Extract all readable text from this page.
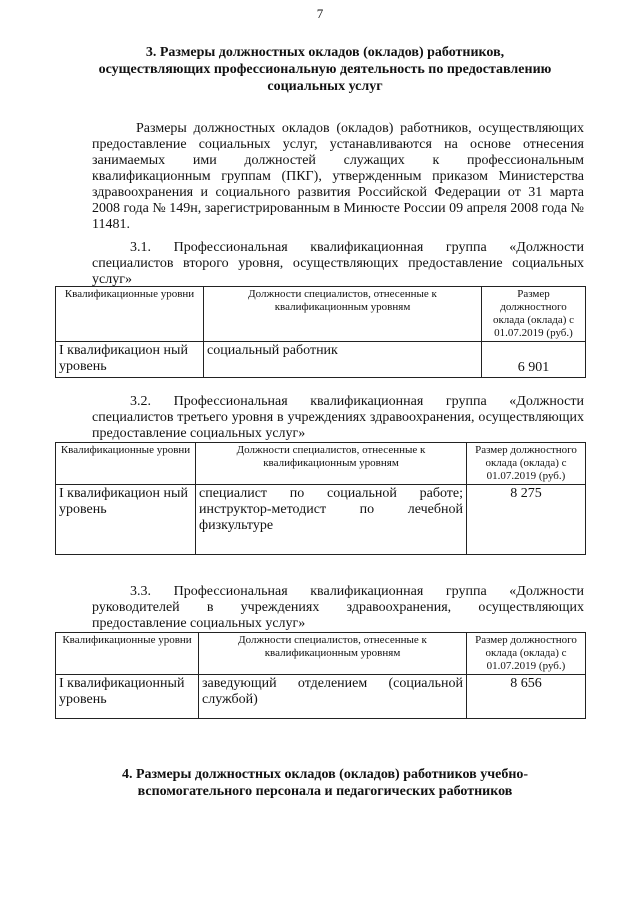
7
3. Размеры должностных окладов (окладов) работников,
осуществляющих профессиональную деятельность по предоставлению
социальных услуг
Размеры должностных окладов (окладов) работников, осуществляющих предоставление социальных услуг, устанавливаются на основе отнесения занимаемых ими должностей служащих к профессиональным квалификационным группам (ПКГ), утвержденным приказом Министерства здравоохранения и социального развития Российской Федерации от 31 марта 2008 года № 149н, зарегистрированным в Минюсте России 09 апреля 2008 года № 11481.
3.1. Профессиональная квалификационная группа «Должности специалистов второго уровня, осуществляющих предоставление социальных услуг»
Квалификационные уровни	Должности специалистов, отнесенные к квалификационным уровням	Размер должностного оклада (оклада) с 01.07.2019 (руб.)
I квалификацион ный уровень	социальный работник	6 901
3.2. Профессиональная квалификационная группа «Должности специалистов третьего уровня в учреждениях здравоохранения, осуществляющих предоставление социальных услуг»
Квалификационные уровни	Должности специалистов, отнесенные к квалификационным уровням	Размер должностного оклада (оклада) с 01.07.2019 (руб.)
I квалификацион ный уровень	специалист по социальной работе; инструктор-методист по лечебной физкультуре	8 275
3.3. Профессиональная квалификационная группа «Должности руководителей в учреждениях здравоохранения, осуществляющих предоставление социальных услуг»
Квалификационные уровни	Должности специалистов, отнесенные к квалификационным уровням	Размер должностного оклада (оклада) с 01.07.2019 (руб.)
I квалификационный уровень	заведующий отделением (социальной службой)	8 656
4. Размеры должностных окладов (окладов) работников учебно-
вспомогательного персонала и педагогических работников
